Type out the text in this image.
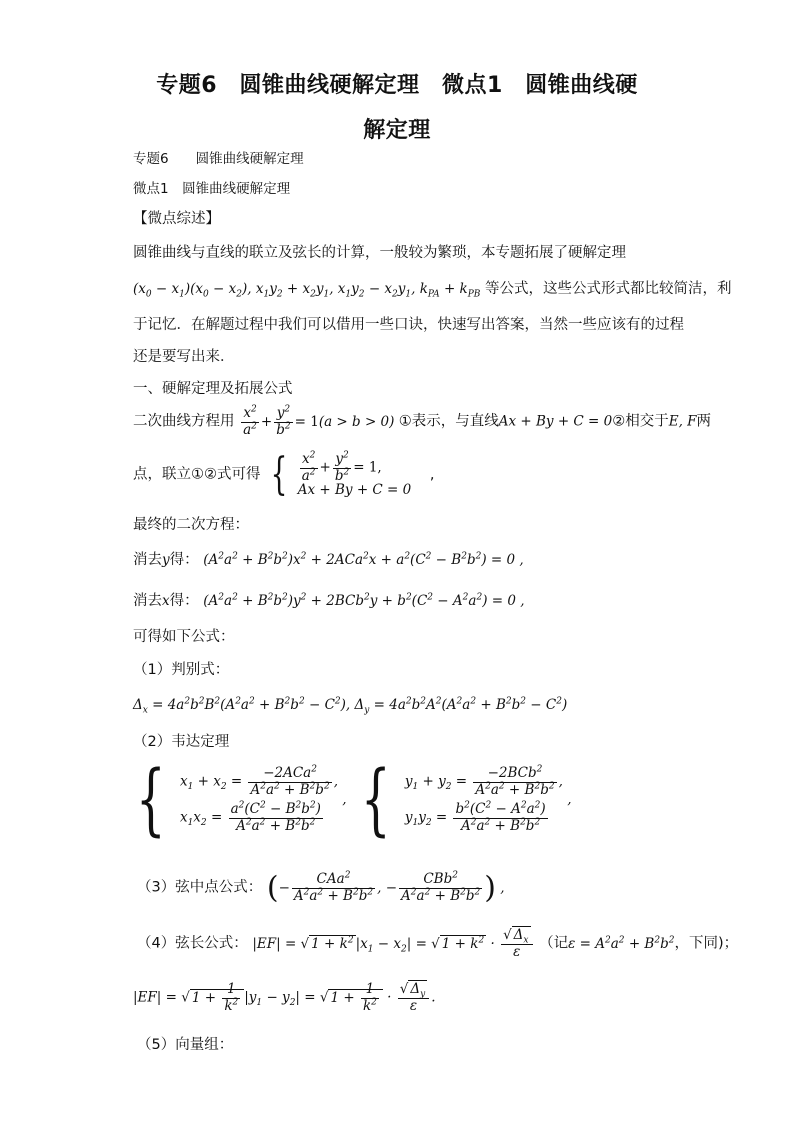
专题6　圆锥曲线硬解定理　微点1　圆锥曲线硬
解定理
专题6　　圆锥曲线硬解定理
微点1　圆锥曲线硬解定理
【微点综述】
圆锥曲线与直线的联立及弦长的计算，一般较为繁琐，本专题拓展了硬解定理
$(x_0 - x_1)(x_0 - x_2)$, $x_1y_2 + x_2y_1$, $x_1y_2 - x_2y_1$, $k_{PA} + k_{PB}$ 等公式，这些公式形式都比较简洁，利
于记忆．在解题过程中我们可以借用一些口诀，快速写出答案，当然一些应该有的过程
还是要写出来．
一、硬解定理及拓展公式
二次曲线方程用 $\frac{x^2}{a^2} + \frac{y^2}{b^2} = 1(a > b > 0)$ ①表示，与直线Ax + By + C = 0②相交于E, F两
点，联立①②式可得 { $\frac{x^2}{a^2} + \frac{y^2}{b^2} = 1$,
Ax + By + C = 0
,
最终的二次方程：
消去y得： $(A^2a^2 + B^2b^2)x^2 + 2ACa^2x + a^2(C^2 - B^2b^2) = 0$ ,
消去x得： $(A^2a^2 + B^2b^2)y^2 + 2BCb^2y + b^2(C^2 - A^2a^2) = 0$ ,
可得如下公式：
（1）判别式：
$\Delta_x = 4a^2b^2B^2(A^2a^2 + B^2b^2 - C^2)$, $\Delta_y = 4a^2b^2A^2(A^2a^2 + B^2b^2 - C^2)$
（2）韦达定理
{ $x_1 + x_2 = \frac{-2ACa^2}{A^2a^2 + B^2b^2}$ ,
$x_1x_2 = \frac{a^2(C^2 - B^2b^2)}{A^2a^2 + B^2b^2}$
, { $y_1 + y_2 = \frac{-2BCb^2}{A^2a^2 + B^2b^2}$ ,
$y_1y_2 = \frac{b^2(C^2 - A^2a^2)}{A^2a^2 + B^2b^2}$
,
（3）弦中点公式： (− $\frac{CAa^2}{A^2a^2 + B^2b^2}$ , − $\frac{CBb^2}{A^2a^2 + B^2b^2}$ ) ,
（4）弦长公式： |EF| = √ $1 + k^2$ $|x_1 - x_2|$ = √ $1 + k^2 \cdot \frac{√ \Delta_x}{\varepsilon}$ （记$\varepsilon = A^2a^2 + B^2b^2$，下同)；
|EF| = √ $1 + \frac{1}{k^2} |y_1 - y_2|$ = √ $1 + \frac{1}{k^2} \cdot \frac{√ \Delta_y}{\varepsilon}$ .
（5）向量组：
